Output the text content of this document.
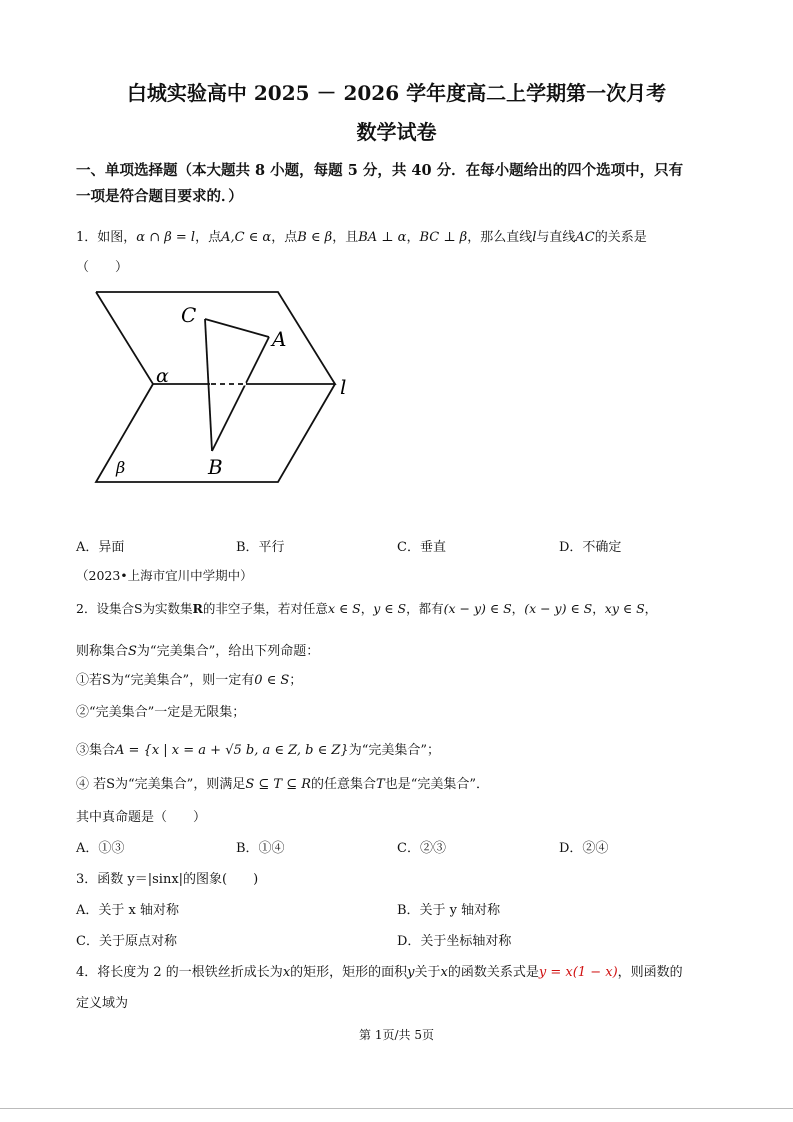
白城实验高中 2025 － 2026 学年度高二上学期第一次月考
数学试卷
一、单项选择题（本大题共 8 小题，每题 5 分，共 40 分．在每小题给出的四个选项中，只有
一项是符合题目要求的．）
1．如图，α ∩ β = l，点A,C ∈ α，点B ∈ β，且BA ⊥ α，BC ⊥ β，那么直线l与直线AC的关系是
（　　）
C
A
α	l
β	B
A．异面	B．平行	C．垂直	D．不确定
（2023•上海市宜川中学期中）
2．设集合S为实数集R的非空子集，若对任意x ∈ S，y ∈ S，都有(x − y) ∈ S，(x − y) ∈ S，xy ∈ S，
则称集合S为“完美集合”，给出下列命题：
①若S为“完美集合”，则一定有0 ∈ S；
②“完美集合”一定是无限集；
③集合A = {x | x = a + √5 b, a ∈ Z, b ∈ Z}为“完美集合”；
④ 若S为“完美集合”，则满足S ⊆ T ⊆ R的任意集合T也是“完美集合”．
其中真命题是（　　）
A．①③	B．①④	C．②③	D．②④
3．函数 y＝|sinx|的图象(　　)
A．关于 x 轴对称	B．关于 y 轴对称
C．关于原点对称	D．关于坐标轴对称
4．将长度为 2 的一根铁丝折成长为x的矩形，矩形的面积y关于x的函数关系式是y = x(1 − x)，则函数的
定义域为
第 1页/共 5页
